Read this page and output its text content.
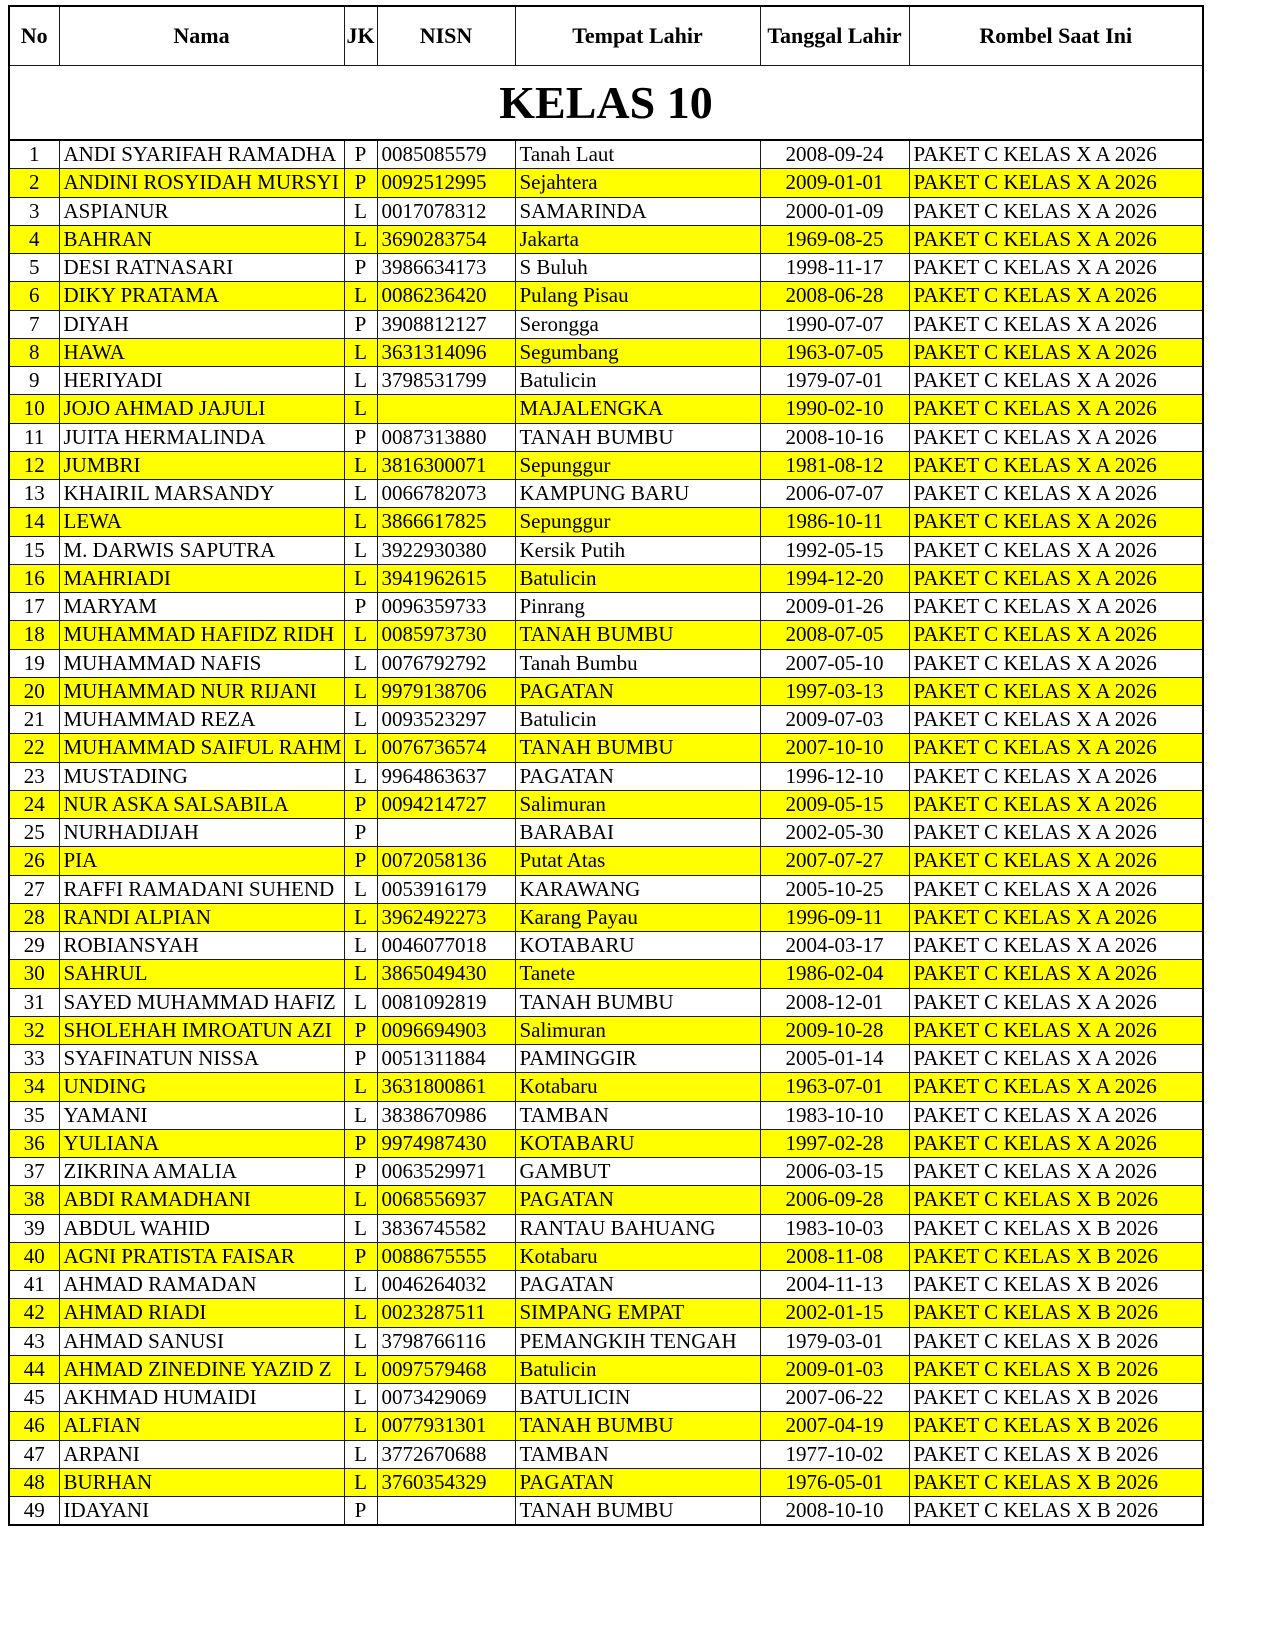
No	Nama	JK	NISN	Tempat Lahir	Tanggal Lahir	Rombel Saat Ini
KELAS 10						
1	ANDI SYARIFAH RAMADHA	P	0085085579	Tanah Laut	2008-09-24	PAKET C KELAS X A 2026
2	ANDINI ROSYIDAH MURSYI	P	0092512995	Sejahtera	2009-01-01	PAKET C KELAS X A 2026
3	ASPIANUR	L	0017078312	SAMARINDA	2000-01-09	PAKET C KELAS X A 2026
4	BAHRAN	L	3690283754	Jakarta	1969-08-25	PAKET C KELAS X A 2026
5	DESI RATNASARI	P	3986634173	S Buluh	1998-11-17	PAKET C KELAS X A 2026
6	DIKY PRATAMA	L	0086236420	Pulang Pisau	2008-06-28	PAKET C KELAS X A 2026
7	DIYAH	P	3908812127	Serongga	1990-07-07	PAKET C KELAS X A 2026
8	HAWA	L	3631314096	Segumbang	1963-07-05	PAKET C KELAS X A 2026
9	HERIYADI	L	3798531799	Batulicin	1979-07-01	PAKET C KELAS X A 2026
10	JOJO AHMAD JAJULI	L		MAJALENGKA	1990-02-10	PAKET C KELAS X A 2026
11	JUITA HERMALINDA	P	0087313880	TANAH BUMBU	2008-10-16	PAKET C KELAS X A 2026
12	JUMBRI	L	3816300071	Sepunggur	1981-08-12	PAKET C KELAS X A 2026
13	KHAIRIL MARSANDY	L	0066782073	KAMPUNG BARU	2006-07-07	PAKET C KELAS X A 2026
14	LEWA	L	3866617825	Sepunggur	1986-10-11	PAKET C KELAS X A 2026
15	M. DARWIS SAPUTRA	L	3922930380	Kersik Putih	1992-05-15	PAKET C KELAS X A 2026
16	MAHRIADI	L	3941962615	Batulicin	1994-12-20	PAKET C KELAS X A 2026
17	MARYAM	P	0096359733	Pinrang	2009-01-26	PAKET C KELAS X A 2026
18	MUHAMMAD HAFIDZ RIDH	L	0085973730	TANAH BUMBU	2008-07-05	PAKET C KELAS X A 2026
19	MUHAMMAD NAFIS	L	0076792792	Tanah Bumbu	2007-05-10	PAKET C KELAS X A 2026
20	MUHAMMAD NUR RIJANI	L	9979138706	PAGATAN	1997-03-13	PAKET C KELAS X A 2026
21	MUHAMMAD REZA	L	0093523297	Batulicin	2009-07-03	PAKET C KELAS X A 2026
22	MUHAMMAD SAIFUL RAHM	L	0076736574	TANAH BUMBU	2007-10-10	PAKET C KELAS X A 2026
23	MUSTADING	L	9964863637	PAGATAN	1996-12-10	PAKET C KELAS X A 2026
24	NUR ASKA SALSABILA	P	0094214727	Salimuran	2009-05-15	PAKET C KELAS X A 2026
25	NURHADIJAH	P		BARABAI	2002-05-30	PAKET C KELAS X A 2026
26	PIA	P	0072058136	Putat Atas	2007-07-27	PAKET C KELAS X A 2026
27	RAFFI RAMADANI SUHEND	L	0053916179	KARAWANG	2005-10-25	PAKET C KELAS X A 2026
28	RANDI ALPIAN	L	3962492273	Karang Payau	1996-09-11	PAKET C KELAS X A 2026
29	ROBIANSYAH	L	0046077018	KOTABARU	2004-03-17	PAKET C KELAS X A 2026
30	SAHRUL	L	3865049430	Tanete	1986-02-04	PAKET C KELAS X A 2026
31	SAYED MUHAMMAD HAFIZ	L	0081092819	TANAH BUMBU	2008-12-01	PAKET C KELAS X A 2026
32	SHOLEHAH IMROATUN AZI	P	0096694903	Salimuran	2009-10-28	PAKET C KELAS X A 2026
33	SYAFINATUN NISSA	P	0051311884	PAMINGGIR	2005-01-14	PAKET C KELAS X A 2026
34	UNDING	L	3631800861	Kotabaru	1963-07-01	PAKET C KELAS X A 2026
35	YAMANI	L	3838670986	TAMBAN	1983-10-10	PAKET C KELAS X A 2026
36	YULIANA	P	9974987430	KOTABARU	1997-02-28	PAKET C KELAS X A 2026
37	ZIKRINA AMALIA	P	0063529971	GAMBUT	2006-03-15	PAKET C KELAS X A 2026
38	ABDI RAMADHANI	L	0068556937	PAGATAN	2006-09-28	PAKET C KELAS X B 2026
39	ABDUL WAHID	L	3836745582	RANTAU BAHUANG	1983-10-03	PAKET C KELAS X B 2026
40	AGNI PRATISTA FAISAR	P	0088675555	Kotabaru	2008-11-08	PAKET C KELAS X B 2026
41	AHMAD RAMADAN	L	0046264032	PAGATAN	2004-11-13	PAKET C KELAS X B 2026
42	AHMAD RIADI	L	0023287511	SIMPANG EMPAT	2002-01-15	PAKET C KELAS X B 2026
43	AHMAD SANUSI	L	3798766116	PEMANGKIH TENGAH	1979-03-01	PAKET C KELAS X B 2026
44	AHMAD ZINEDINE YAZID Z	L	0097579468	Batulicin	2009-01-03	PAKET C KELAS X B 2026
45	AKHMAD HUMAIDI	L	0073429069	BATULICIN	2007-06-22	PAKET C KELAS X B 2026
46	ALFIAN	L	0077931301	TANAH BUMBU	2007-04-19	PAKET C KELAS X B 2026
47	ARPANI	L	3772670688	TAMBAN	1977-10-02	PAKET C KELAS X B 2026
48	BURHAN	L	3760354329	PAGATAN	1976-05-01	PAKET C KELAS X B 2026
49	IDAYANI	P		TANAH BUMBU	2008-10-10	PAKET C KELAS X B 2026
